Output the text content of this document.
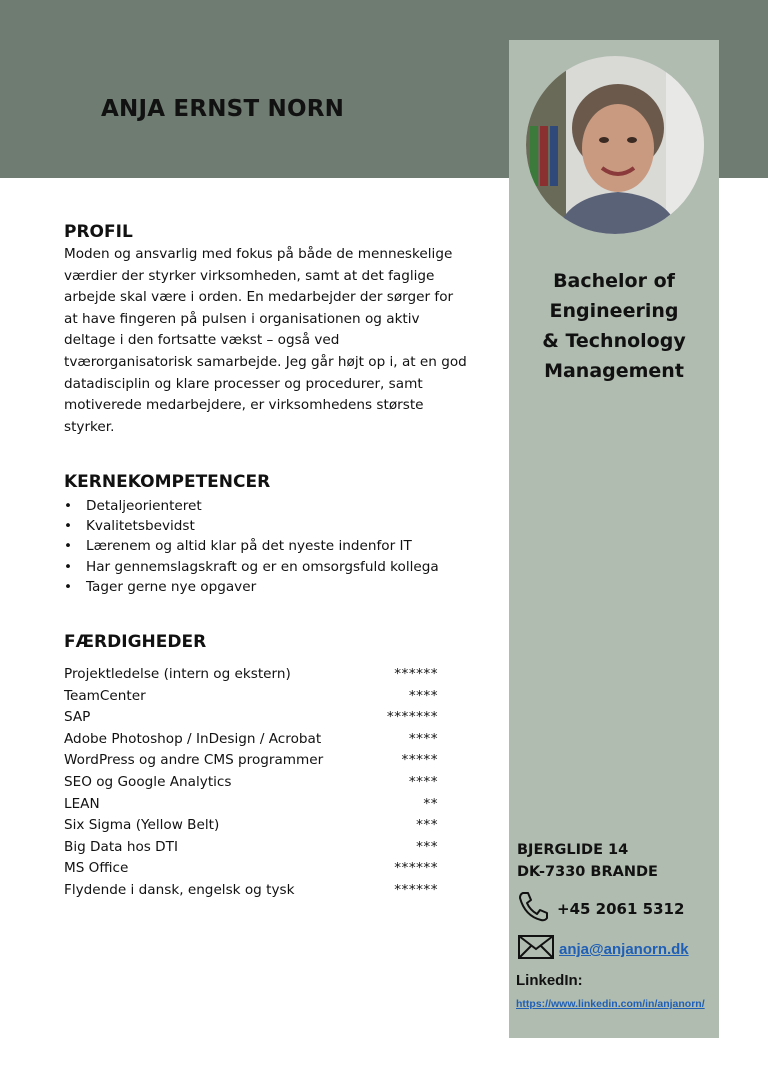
ANJA ERNST NORN
Bachelor of
Engineering
& Technology
Management
BJERGLIDE 14
DK-7330 BRANDE
+45 2061 5312
anja@anjanorn.dk
LinkedIn:
https://www.linkedin.com/in/anjanorn/
PROFIL
Moden og ansvarlig med fokus på både de menneskelige
værdier der styrker virksomheden, samt at det faglige
arbejde skal være i orden. En medarbejder der sørger for
at have fingeren på pulsen i organisationen og aktiv
deltage i den fortsatte vækst – også ved
tværorganisatorisk samarbejde. Jeg går højt op i, at en god
datadisciplin og klare processer og procedurer, samt
motiverede medarbejdere, er virksomhedens største
styrker.
KERNEKOMPETENCER
• Detaljeorienteret
• Kvalitetsbevidst
• Lærenem og altid klar på det nyeste indenfor IT
• Har gennemslagskraft og er en omsorgsfuld kollega
• Tager gerne nye opgaver
FÆRDIGHEDER
Projektledelse (intern og ekstern)	******
TeamCenter	****
SAP	*******
Adobe Photoshop / InDesign / Acrobat	****
WordPress og andre CMS programmer	*****
SEO og Google Analytics	****
LEAN	**
Six Sigma (Yellow Belt)	***
Big Data hos DTI	***
MS Office	******
Flydende i dansk, engelsk og tysk	******
